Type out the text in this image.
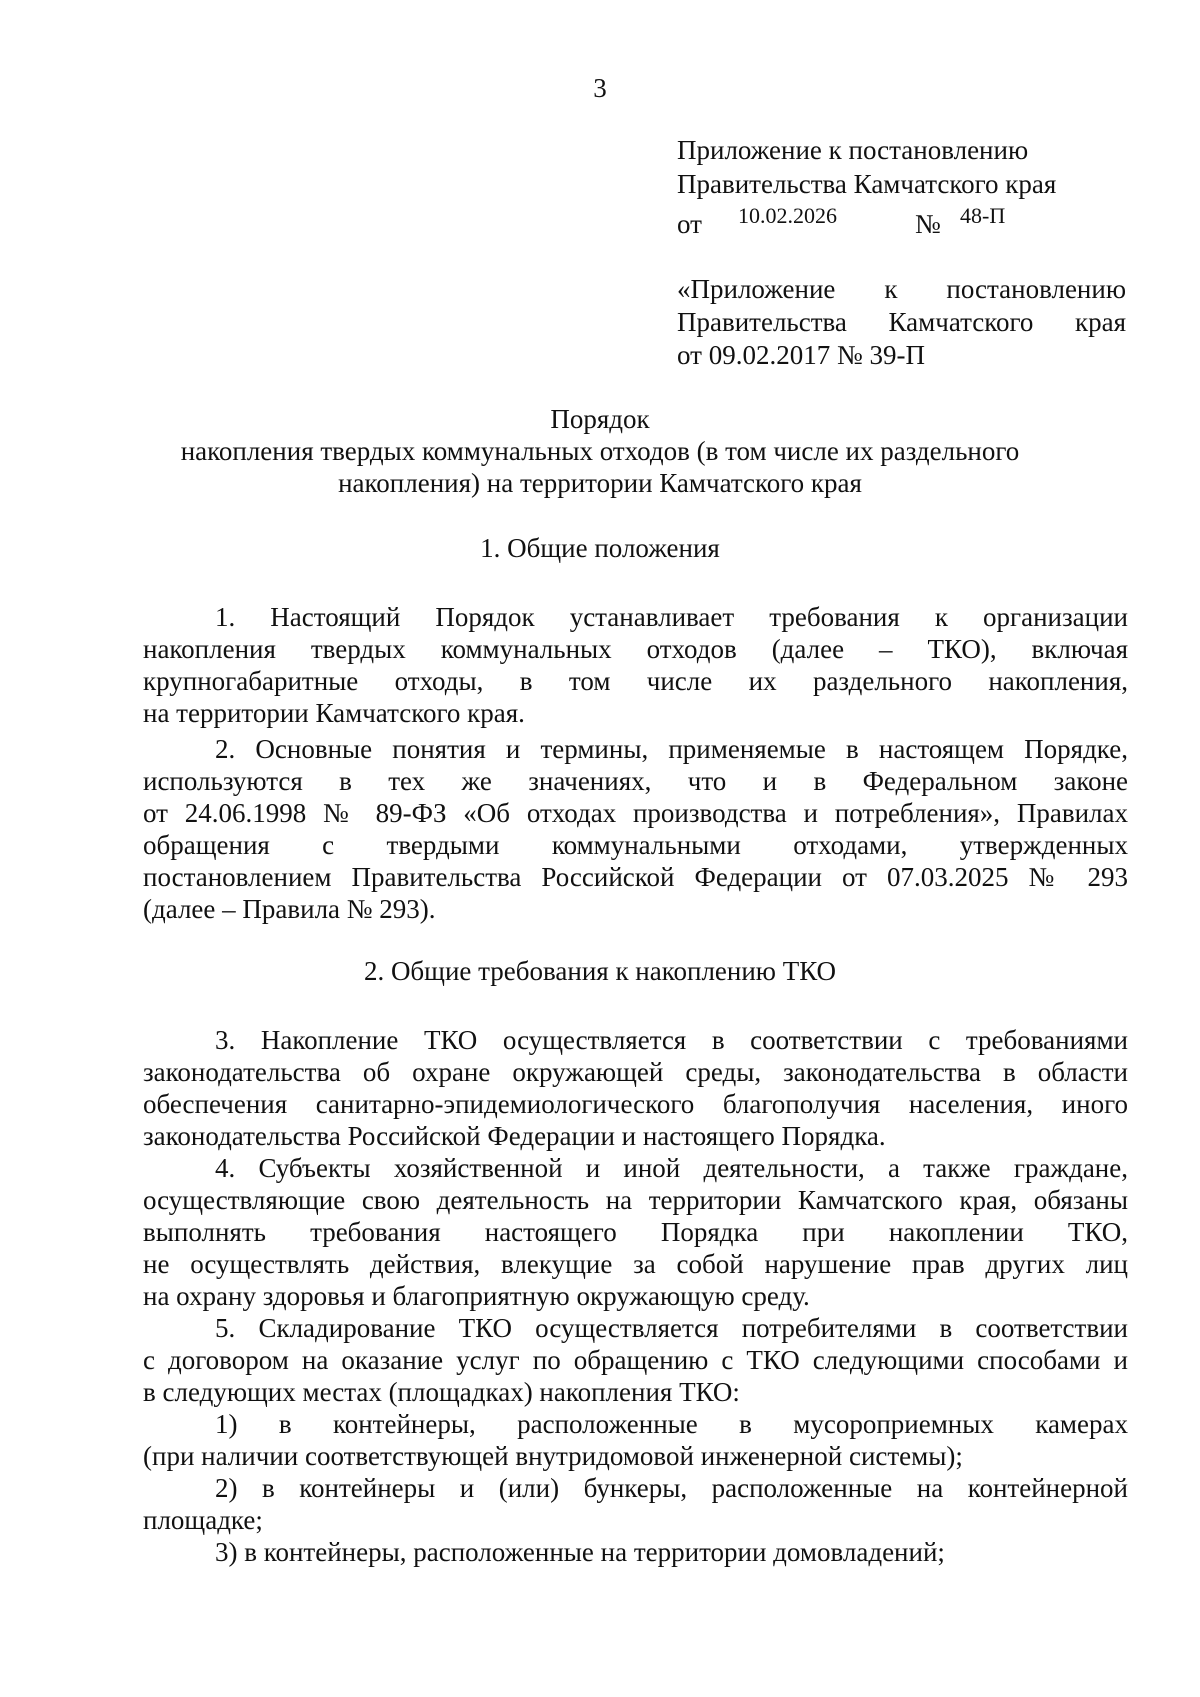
3
Приложение к постановлению
Правительства Камчатского края
от 10.02.2026	№ 48-П
«Приложение к постановлению
Правительства Камчатского края
от 09.02.2017 № 39-П
Порядок
накопления твердых коммунальных отходов (в том числе их раздельного
накопления) на территории Камчатского края
1. Общие положения
1. Настоящий Порядок устанавливает требования к организации
накопления твердых коммунальных отходов (далее – ТКО), включая
крупногабаритные отходы, в том числе их раздельного накопления,
на территории Камчатского края.
2. Основные понятия и термины, применяемые в настоящем Порядке,
используются в тех же значениях, что и в Федеральном законе
от 24.06.1998 № 89-ФЗ «Об отходах производства и потребления», Правилах
обращения с твердыми коммунальными отходами, утвержденных
постановлением Правительства Российской Федерации от 07.03.2025 № 293
(далее – Правила № 293).
2. Общие требования к накоплению ТКО
3. Накопление ТКО осуществляется в соответствии с требованиями
законодательства об охране окружающей среды, законодательства в области
обеспечения санитарно-эпидемиологического благополучия населения, иного
законодательства Российской Федерации и настоящего Порядка.
4. Субъекты хозяйственной и иной деятельности, а также граждане,
осуществляющие свою деятельность на территории Камчатского края, обязаны
выполнять требования настоящего Порядка при накоплении ТКО,
не осуществлять действия, влекущие за собой нарушение прав других лиц
на охрану здоровья и благоприятную окружающую среду.
5. Складирование ТКО осуществляется потребителями в соответствии
с договором на оказание услуг по обращению с ТКО следующими способами и
в следующих местах (площадках) накопления ТКО:
1) в контейнеры, расположенные в мусороприемных камерах
(при наличии соответствующей внутридомовой инженерной системы);
2) в контейнеры и (или) бункеры, расположенные на контейнерной
площадке;
3) в контейнеры, расположенные на территории домовладений;
